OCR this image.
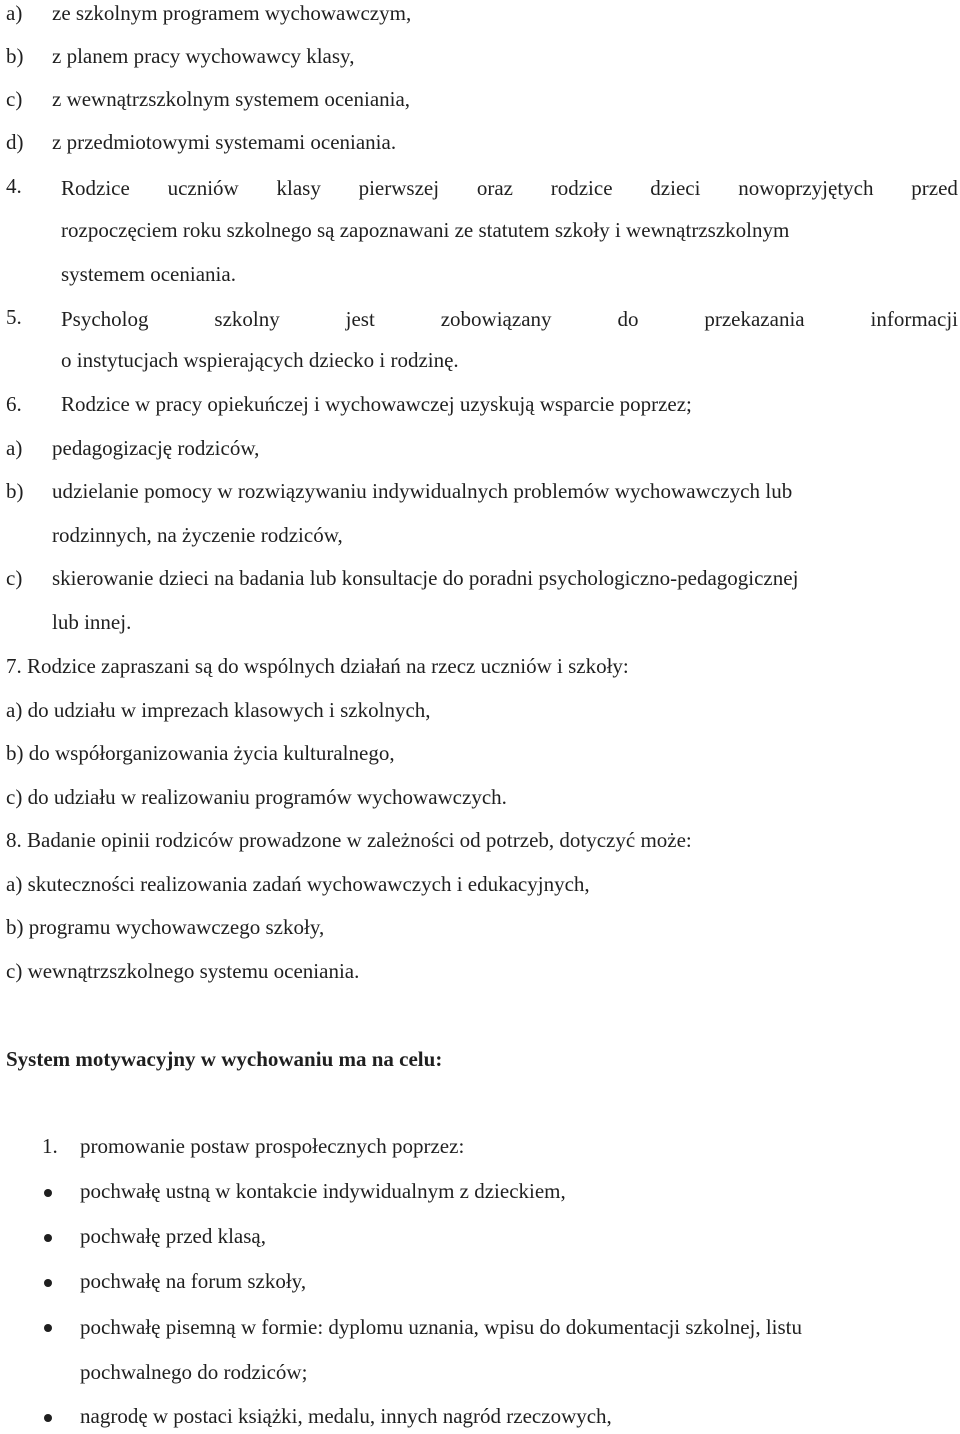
a) ze szkolnym programem wychowawczym,
b) z planem pracy wychowawcy klasy,
c) z wewnątrzszkolnym systemem oceniania,
d) z przedmiotowymi systemami oceniania.
4. Rodzice uczniów klasy pierwszej oraz rodzice dzieci nowoprzyjętych przed
rozpoczęciem roku szkolnego są zapoznawani ze statutem szkoły i wewnątrzszkolnym
systemem oceniania.
5. Psycholog	szkolny	jest	zobowiązany	do	przekazania	informacji
o instytucjach wspierających dziecko i rodzinę.
6. Rodzice w pracy opiekuńczej i wychowawczej uzyskują wsparcie poprzez;
a) pedagogizację rodziców,
b) udzielanie pomocy w rozwiązywaniu indywidualnych problemów wychowawczych lub
rodzinnych, na życzenie rodziców,
c) skierowanie dzieci na badania lub konsultacje do poradni psychologiczno-pedagogicznej
lub innej.
7. Rodzice zapraszani są do wspólnych działań na rzecz uczniów i szkoły:
a) do udziału w imprezach klasowych i szkolnych,
b) do współorganizowania życia kulturalnego,
c) do udziału w realizowaniu programów wychowawczych.
8. Badanie opinii rodziców prowadzone w zależności od potrzeb, dotyczyć może:
a) skuteczności realizowania zadań wychowawczych i edukacyjnych,
b) programu wychowawczego szkoły,
c) wewnątrzszkolnego systemu oceniania.
System motywacyjny w wychowaniu ma na celu:
1. promowanie postaw prospołecznych poprzez:
pochwałę ustną w kontakcie indywidualnym z dzieckiem,
pochwałę przed klasą,
pochwałę na forum szkoły,
pochwałę pisemną w formie: dyplomu uznania, wpisu do dokumentacji szkolnej, listu
pochwalnego do rodziców;
nagrodę w postaci książki, medalu, innych nagród rzeczowych,
